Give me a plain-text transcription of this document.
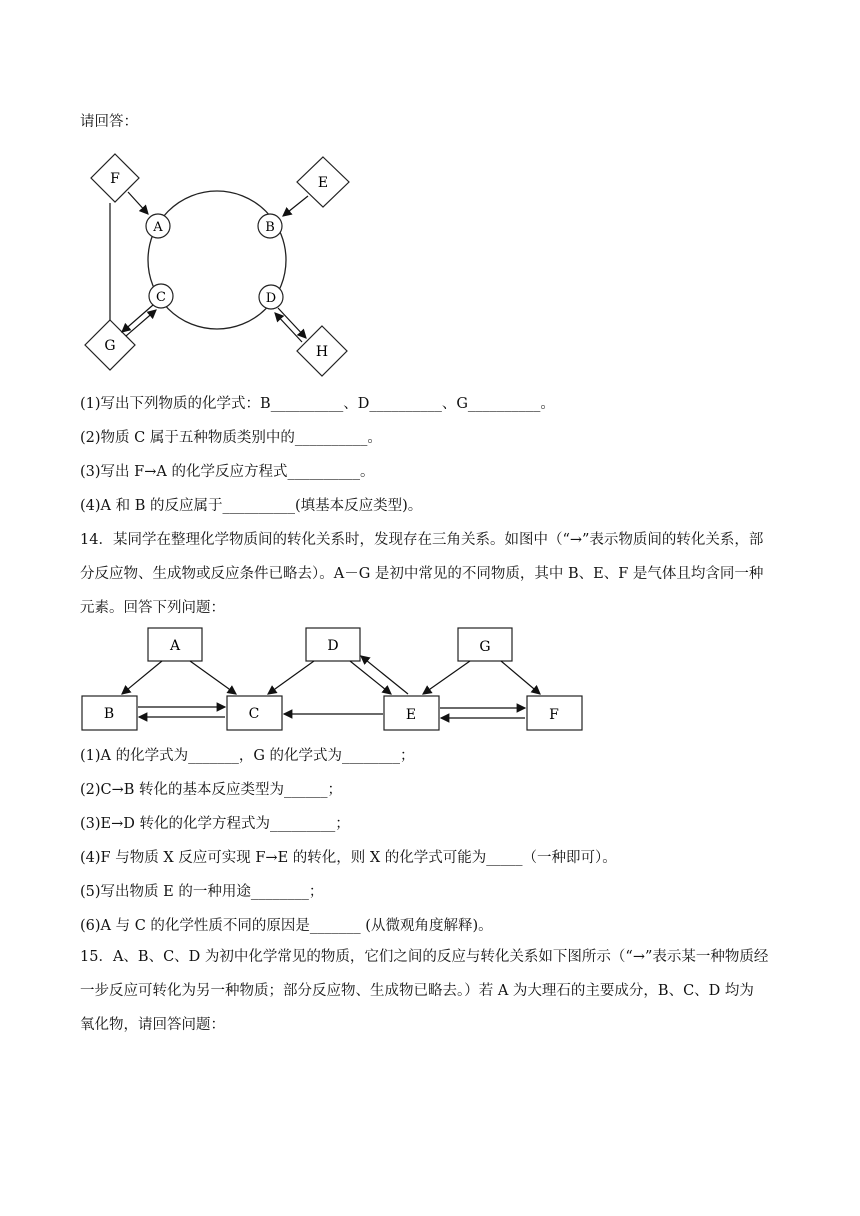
请回答：
F	E
G	H
A	B
C	D
(1)写出下列物质的化学式：B__________、D__________、G__________。
(2)物质 C 属于五种物质类别中的__________。
(3)写出 F→A 的化学反应方程式__________。
(4)A 和 B 的反应属于__________(填基本反应类型)。
14．某同学在整理化学物质间的转化关系时，发现存在三角关系。如图中（“→”表示物质间的转化关系，部
分反应物、生成物或反应条件已略去）。A－G 是初中常见的不同物质，其中 B、E、F 是气体且均含同一种
元素。回答下列问题：
A	D	G
B	C	E	F
(1)A 的化学式为_______，G 的化学式为________；
(2)C→B 转化的基本反应类型为______；
(3)E→D 转化的化学方程式为_________；
(4)F 与物质 X 反应可实现 F→E 的转化，则 X 的化学式可能为_____（一种即可）。
(5)写出物质 E 的一种用途________；
(6)A 与 C 的化学性质不同的原因是_______ (从微观角度解释)。
15．A、B、C、D 为初中化学常见的物质，它们之间的反应与转化关系如下图所示（“→”表示某一种物质经
一步反应可转化为另一种物质；部分反应物、生成物已略去。）若 A 为大理石的主要成分，B、C、D 均为
氧化物，请回答问题：
